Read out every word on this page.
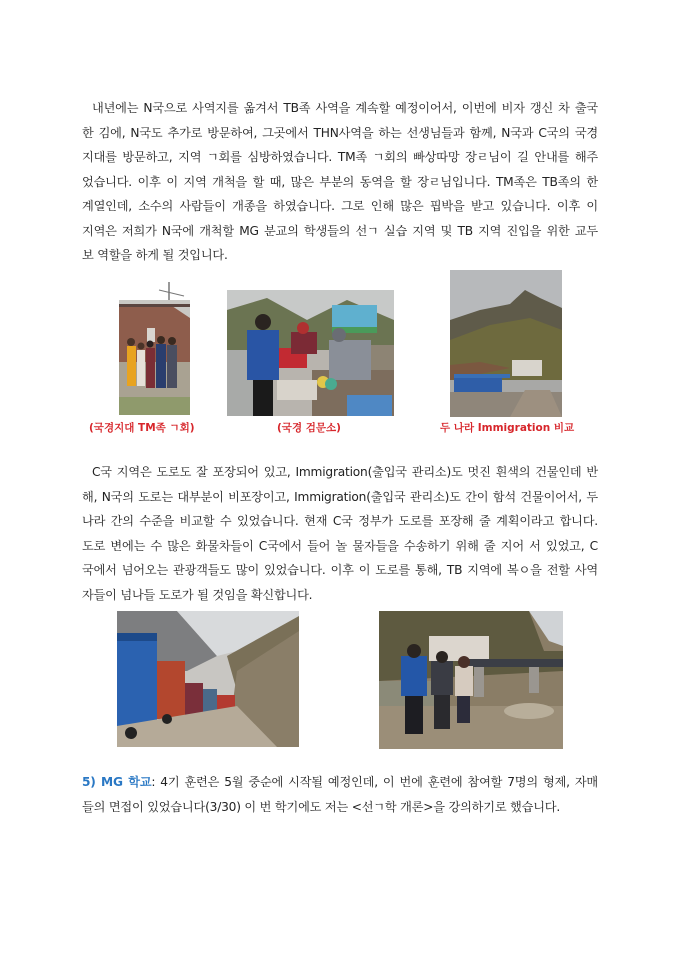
내년에는 N국으로 사역지를 옮겨서 TB족 사역을 계속할 예정이어서, 이번에 비자 갱신 차 출국
한 김에, N국도 추가로 방문하여, 그곳에서 THN사역을 하는 선생님들과 함께, N국과 C국의 국경
지대를 방문하고, 지역 ㄱ회를 심방하였습니다. TM족 ㄱ회의 빠상따망 장ㄹ님이 길 안내를 해주
었습니다. 이후 이 지역 개척을 할 때, 많은 부분의 동역을 할 장ㄹ님입니다. TM족은 TB족의 한
계열인데, 소수의 사람들이 개종을 하였습니다. 그로 인해 많은 핍박을 받고 있습니다. 이후 이
지역은 저희가 N국에 개척할 MG 분교의 학생들의 선ㄱ 실습 지역 및 TB 지역 진입을 위한 교두
보 역할을 하게 될 것입니다.
(국경지대 TM족 ㄱ회)	(국경 검문소)	두 나라 Immigration 비교
C국 지역은 도로도 잘 포장되어 있고, Immigration(출입국 관리소)도 멋진 흰색의 건물인데 반
해, N국의 도로는 대부분이 비포장이고, Immigration(출입국 관리소)도 간이 함석 건물이어서, 두
나라 간의 수준을 비교할 수 있었습니다. 현재 C국 정부가 도로를 포장해 줄 계획이라고 합니다.
도로 변에는 수 많은 화물차들이 C국에서 들어 놀 물자들을 수송하기 위해 줄 지어 서 있었고, C
국에서 넘어오는 관광객들도 많이 있었습니다. 이후 이 도로를 통해, TB 지역에 복ㅇ을 전할 사역
자들이 넘나들 도로가 될 것임을 확신합니다.
5) MG 학교: 4기 훈련은 5월 중순에 시작될 예정인데, 이 번에 훈련에 참여할 7명의 형제, 자매
들의 면접이 있었습니다(3/30) 이 번 학기에도 저는 <선ㄱ학 개론>을 강의하기로 했습니다.
